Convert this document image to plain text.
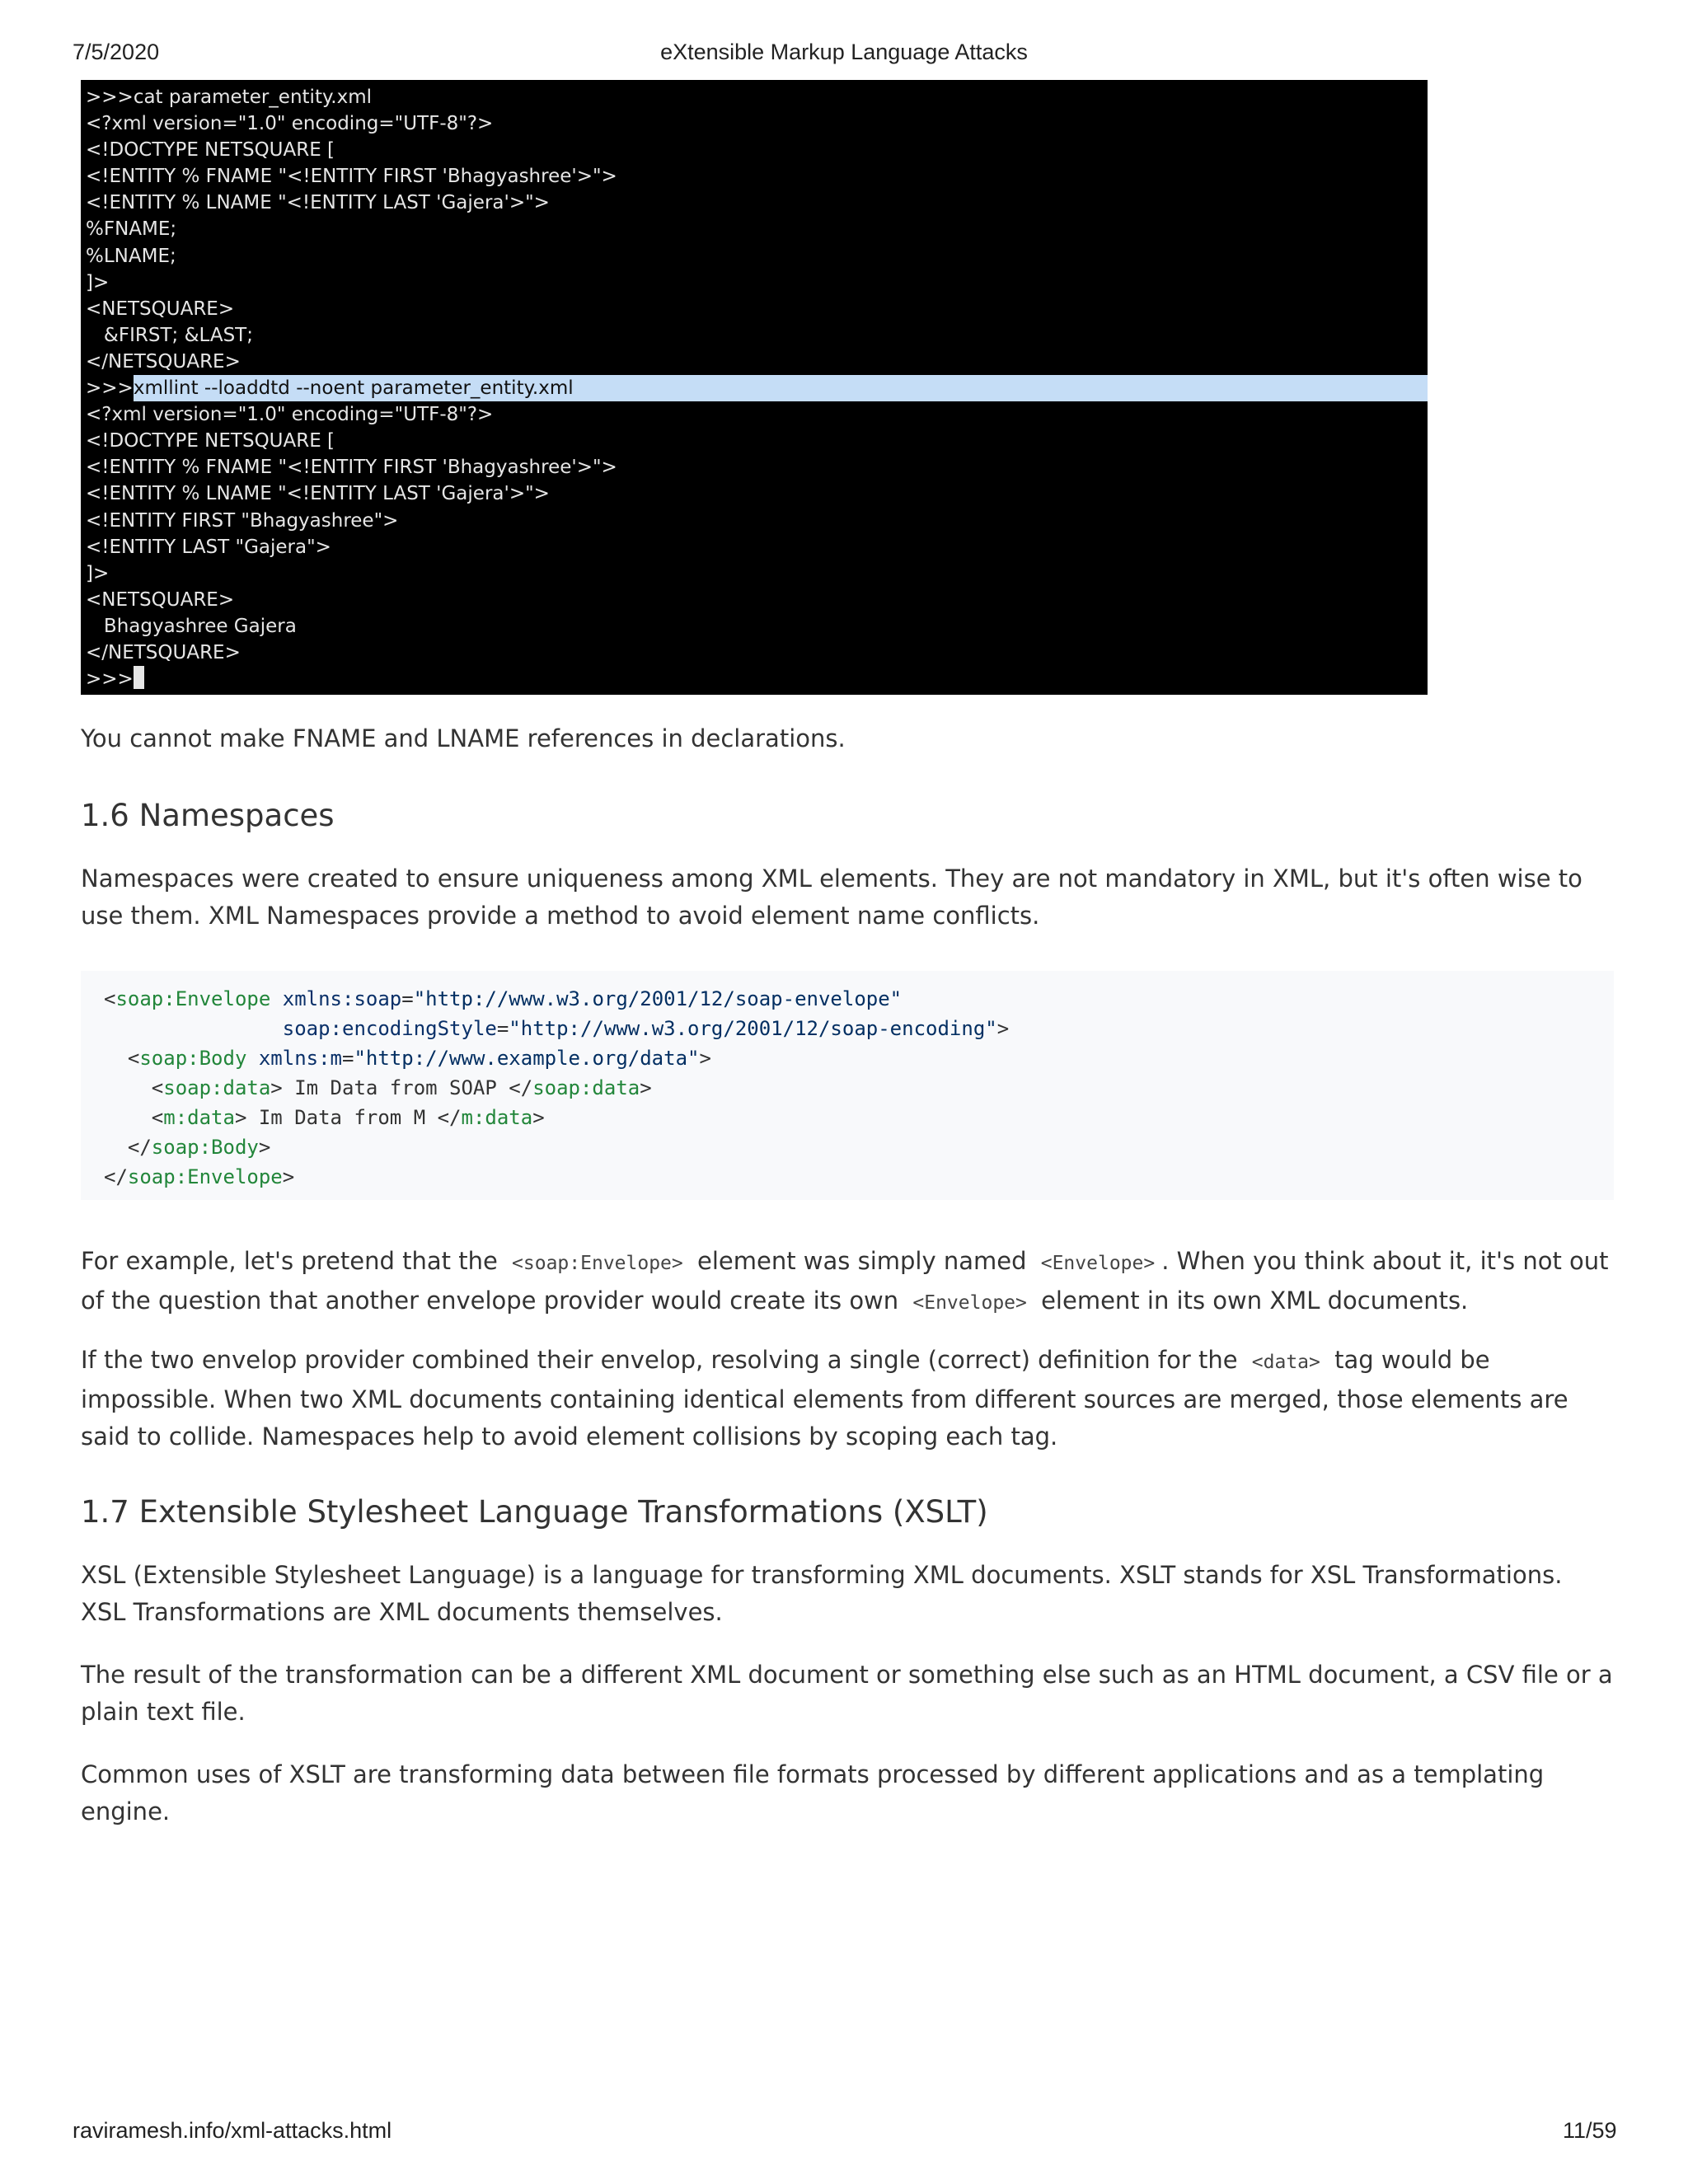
7/5/2020	eXtensible Markup Language Attacks
>>>cat parameter_entity.xml
<?xml version="1.0" encoding="UTF-8"?>
<!DOCTYPE NETSQUARE [
<!ENTITY % FNAME "<!ENTITY FIRST 'Bhagyashree'>">
<!ENTITY % LNAME "<!ENTITY LAST 'Gajera'>">
%FNAME;
%LNAME;
]>
<NETSQUARE>
&FIRST; &LAST;
</NETSQUARE>
>>>xmllint --loaddtd --noent parameter_entity.xml
<?xml version="1.0" encoding="UTF-8"?>
<!DOCTYPE NETSQUARE [
<!ENTITY % FNAME "<!ENTITY FIRST 'Bhagyashree'>">
<!ENTITY % LNAME "<!ENTITY LAST 'Gajera'>">
<!ENTITY FIRST "Bhagyashree">
<!ENTITY LAST "Gajera">
]>
<NETSQUARE>
Bhagyashree Gajera
</NETSQUARE>
>>>

You cannot make FNAME and LNAME references in declarations.

1.6 Namespaces

Namespaces were created to ensure uniqueness among XML elements. They are not mandatory in XML, but it's often wise to use them. XML Namespaces provide a method to avoid element name conflicts.

<soap:Envelope xmlns:soap="http://www.w3.org/2001/12/soap-envelope"
soap:encodingStyle="http://www.w3.org/2001/12/soap-encoding">
<soap:Body xmlns:m="http://www.example.org/data">
<soap:data> Im Data from SOAP </soap:data>
<m:data> Im Data from M </m:data>
</soap:Body>
</soap:Envelope>

For example, let's pretend that the <soap:Envelope> element was simply named <Envelope> . When you think about it, it's not out of the question that another envelope provider would create its own <Envelope> element in its own XML documents.

If the two envelop provider combined their envelop, resolving a single (correct) definition for the <data> tag would be impossible. When two XML documents containing identical elements from different sources are merged, those elements are said to collide. Namespaces help to avoid element collisions by scoping each tag.

1.7 Extensible Stylesheet Language Transformations (XSLT)

XSL (Extensible Stylesheet Language) is a language for transforming XML documents. XSLT stands for XSL Transformations. XSL Transformations are XML documents themselves.

The result of the transformation can be a different XML document or something else such as an HTML document, a CSV file or a plain text file.

Common uses of XSLT are transforming data between file formats processed by different applications and as a templating engine.

raviramesh.info/xml-attacks.html	11/59
